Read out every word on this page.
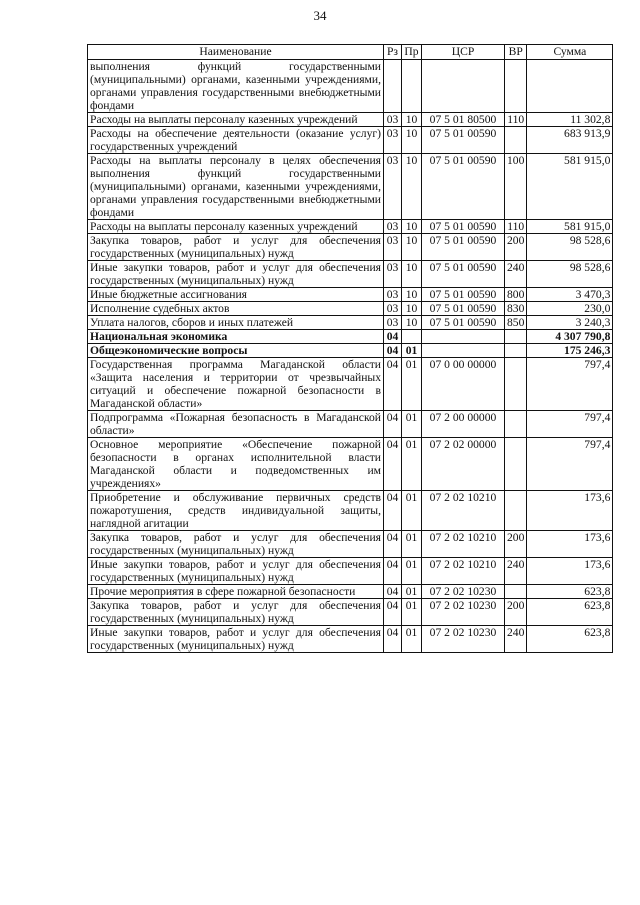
34
Наименование	Рз	Пр	ЦСР	ВР	Сумма
выполнения функций государственными (муниципальными) органами, казенными учреждениями, органами управления государственными внебюджетными фондами					
Расходы на выплаты персоналу казенных учреждений	03	10	07 5 01 80500	110	11 302,8
Расходы на обеспечение деятельности (оказание услуг) государственных учреждений	03	10	07 5 01 00590		683 913,9
Расходы на выплаты персоналу в целях обеспечения выполнения функций государственными (муниципальными) органами, казенными учреждениями, органами управления государственными внебюджетными фондами	03	10	07 5 01 00590	100	581 915,0
Расходы на выплаты персоналу казенных учреждений	03	10	07 5 01 00590	110	581 915,0
Закупка товаров, работ и услуг для обеспечения государственных (муниципальных) нужд	03	10	07 5 01 00590	200	98 528,6
Иные закупки товаров, работ и услуг для обеспечения государственных (муниципальных) нужд	03	10	07 5 01 00590	240	98 528,6
Иные бюджетные ассигнования	03	10	07 5 01 00590	800	3 470,3
Исполнение судебных актов	03	10	07 5 01 00590	830	230,0
Уплата налогов, сборов и иных платежей	03	10	07 5 01 00590	850	3 240,3
Национальная экономика	04				4 307 790,8
Общеэкономические вопросы	04	01			175 246,3
Государственная программа Магаданской области «Защита населения и территории от чрезвычайных ситуаций и обеспечение пожарной безопасности в Магаданской области»	04	01	07 0 00 00000		797,4
Подпрограмма «Пожарная безопасность в Магаданской области»	04	01	07 2 00 00000		797,4
Основное мероприятие «Обеспечение пожарной безопасности в органах исполнительной власти Магаданской области и подведомственных им учреждениях»	04	01	07 2 02 00000		797,4
Приобретение и обслуживание первичных средств пожаротушения, средств индивидуальной защиты, наглядной агитации	04	01	07 2 02 10210		173,6
Закупка товаров, работ и услуг для обеспечения государственных (муниципальных) нужд	04	01	07 2 02 10210	200	173,6
Иные закупки товаров, работ и услуг для обеспечения государственных (муниципальных) нужд	04	01	07 2 02 10210	240	173,6
Прочие мероприятия в сфере пожарной безопасности	04	01	07 2 02 10230		623,8
Закупка товаров, работ и услуг для обеспечения государственных (муниципальных) нужд	04	01	07 2 02 10230	200	623,8
Иные закупки товаров, работ и услуг для обеспечения государственных (муниципальных) нужд	04	01	07 2 02 10230	240	623,8
